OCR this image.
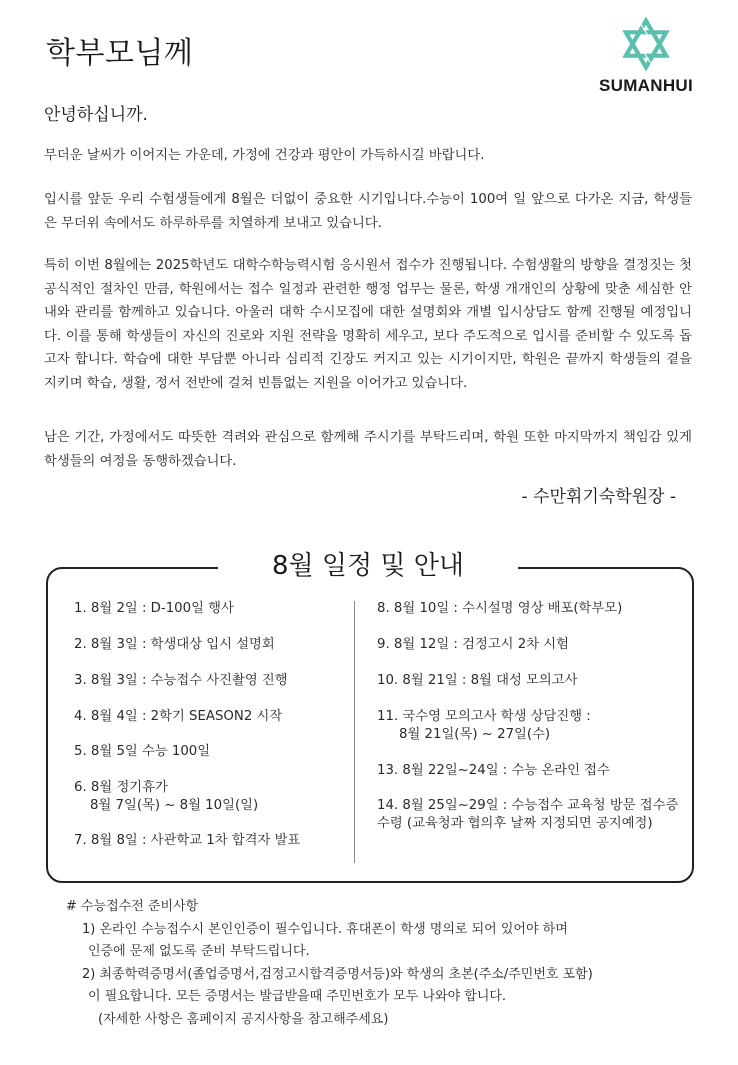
학부모님께
SUMANHUI
안녕하십니까.

무더운 날씨가 이어지는 가운데, 가정에 건강과 평안이 가득하시길 바랍니다.

입시를 앞둔 우리 수험생들에게 8월은 더없이 중요한 시기입니다.수능이 100여 일 앞으로 다가온 지금, 학생들은 무더위 속에서도 하루하루를 치열하게 보내고 있습니다.

특히 이번 8월에는 2025학년도 대학수학능력시험 응시원서 접수가 진행됩니다. 수험생활의 방향을 결정짓는 첫 공식적인 절차인 만큼, 학원에서는 접수 일정과 관련한 행정 업무는 물론, 학생 개개인의 상황에 맞춘 세심한 안내와 관리를 함께하고 있습니다. 아울러 대학 수시모집에 대한 설명회와 개별 입시상담도 함께 진행될 예정입니다. 이를 통해 학생들이 자신의 진로와 지원 전략을 명확히 세우고, 보다 주도적으로 입시를 준비할 수 있도록 돕고자 합니다. 학습에 대한 부담뿐 아니라 심리적 긴장도 커지고 있는 시기이지만, 학원은 끝까지 학생들의 곁을 지키며 학습, 생활, 정서 전반에 걸쳐 빈틈없는 지원을 이어가고 있습니다.

남은 기간, 가정에서도 따뜻한 격려와 관심으로 함께해 주시기를 부탁드리며, 학원 또한 마지막까지 책임감 있게 학생들의 여정을 동행하겠습니다.

- 수만휘기숙학원장 -
8월 일정 및 안내
1. 8월 2일 : D-100일 행사
2. 8월 3일 : 학생대상 입시 설명회
3. 8월 3일 : 수능접수 사진촬영 진행
4. 8월 4일 : 2학기 SEASON2 시작
5. 8월 5일 수능 100일
6. 8월 정기휴가
8월 7일(목) ~ 8월 10일(일)
7. 8월 8일 : 사관학교 1차 합격자 발표
8. 8월 10일 : 수시설명 영상 배포(학부모)
9. 8월 12일 : 검정고시 2차 시험
10. 8월 21일 : 8월 대성 모의고사
11. 국수영 모의고사 학생 상담진행 :
8월 21일(목) ~ 27일(수)
13. 8월 22일~24일 : 수능 온라인 접수
14. 8월 25일~29일 : 수능접수 교육청 방문 접수증
수령 (교육청과 협의후 날짜 지정되면 공지예정)
# 수능접수전 준비사항
1) 온라인 수능접수시 본인인증이 필수입니다. 휴대폰이 학생 명의로 되어 있어야 하며
인증에 문제 없도록 준비 부탁드립니다.
2) 최종학력증명서(졸업증명서,검정고시합격증명서등)와 학생의 초본(주소/주민번호 포함)
이 필요합니다. 모든 증명서는 발급받을때 주민번호가 모두 나와야 합니다.
(자세한 사항은 홈페이지 공지사항을 참고해주세요)
